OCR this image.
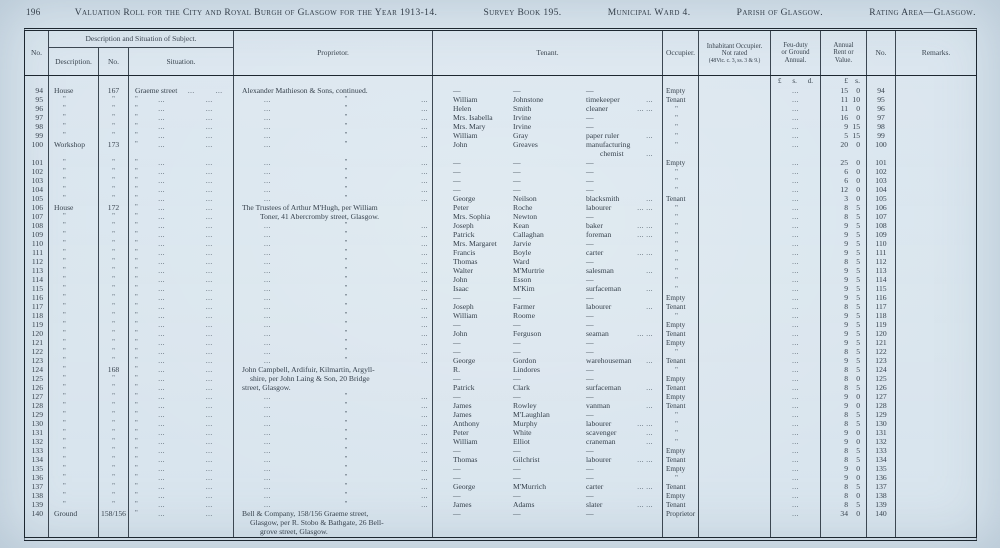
196	Valuation Roll for the City and Royal Burgh of Glasgow for the Year 1913-14.	Survey Book 195.	Municipal Ward 4.	Parish of Glasgow.	Rating Area—Glasgow.
No.
Description and Situation of Subject.
Description. No.	Situation.
Proprietor.	Tenant.	Occupier.
Inhabitant Occupier.
Not rated
(48Vic. c. 3, ss. 3 & 9.)
Feu-duty
or Ground
Annual.
Annual
Rent or
Value.
No.	Remarks.
£ s. d.	£ s.
94	House	167	Graeme street	...	...	Alexander Mathieson & Sons, continued.	—	—	—	Empty	...	15	0	94
95	"	"	"	...	...	...	"	...	William	Johnstone	timekeeper	...	Tenant	...	11 10	95
96	"	"	"	...	...	...	"	...	Helen	Smith	cleaner	... ...	"	...	11	0	96
97	"	"	"	...	...	...	"	...	Mrs. Isabella	Irvine	—	"	...	16	0	97
98	"	"	"	...	...	...	"	...	Mrs. Mary	Irvine	—	"	...	9 15	98
99	"	"	"	...	...	...	"	...	William	Gray	paper ruler	...	"	...	5 15	99
100	Workshop	173	"	...	...	...	"	...	John	Greaves	manufacturing	"	...	20	0	100
chemist	...
101	"	"	"	...	...	...	"	...	—	—	—	Empty	...	25	0	101
102	"	"	"	...	...	...	"	...	—	—	—	"	...	6	0	102
103	"	"	"	...	...	...	"	...	—	—	—	"	...	6	0	103
104	"	"	"	...	...	...	"	...	—	—	—	"	...	12	0	104
105	"	"	"	...	...	...	"	...	George	Neilson	blacksmith	...	Tenant	...	3	0	105
106	House	172	"	...	...	The Trustees of Arthur M'Hugh, per William	Peter	Roche	labourer	... ...	"	...	8	5	106
107	"	"	"	...	...	Toner, 41 Abercromby street, Glasgow.	Mrs. Sophia	Newton	—	"	...	8	5	107
108	"	"	"	...	...	...	"	...	Joseph	Kean	baker	... ...	"	...	9	5	108
109	"	"	"	...	...	...	"	...	Patrick	Callaghan	foreman	... ...	"	...	9	5	109
110	"	"	"	...	...	...	"	...	Mrs. Margaret	Jarvie	—	"	...	9	5	110
111	"	"	"	...	...	...	"	...	Francis	Boyle	carter	... ...	"	...	9	5	111
112	"	"	"	...	...	...	"	...	Thomas	Ward	—	"	...	8	5	112
113	"	"	"	...	...	...	"	...	Walter	M'Murtrie	salesman	...	"	...	9	5	113
114	"	"	"	...	...	...	"	...	John	Esson	—	"	...	9	5	114
115	"	"	"	...	...	...	"	...	Isaac	M'Kim	surfaceman	...	"	...	9	5	115
116	"	"	"	...	...	...	"	...	—	—	—	Empty	...	9	5	116
117	"	"	"	...	...	...	"	...	Joseph	Farmer	labourer	...	Tenant	...	8	5	117
118	"	"	"	...	...	...	"	...	William	Roome	—	"	...	9	5	118
119	"	"	"	...	...	...	"	...	—	—	—	Empty	...	9	5	119
120	"	"	"	...	...	...	"	...	John	Ferguson	seaman	... ...	Tenant	...	9	5	120
121	"	"	"	...	...	...	"	...	—	—	—	Empty	...	9	5	121
122	"	"	"	...	...	...	"	...	—	—	—	"	...	8	5	122
123	"	"	"	...	...	...	"	...	George	Gordon	warehouseman	...	Tenant	...	9	5	123
124	"	168	"	...	...	John Campbell, Ardifuir, Kilmartin, Argyll-	R.	Lindores	—	"	...	8	5	124
125	"	"	"	...	...	shire, per John Laing & Son, 20 Bridge	—	—	—	Empty	...	8	0	125
126	"	"	"	...	...	street, Glasgow.	Patrick	Clark	surfaceman	...	Tenant	...	8	5	126
127	"	"	"	...	...	...	"	...	—	—	—	Empty	...	9	0	127
128	"	"	"	...	...	...	"	...	James	Rowley	vanman	...	Tenant	...	9	0	128
129	"	"	"	...	...	...	"	...	James	M'Laughlan	—	"	...	8	5	129
130	"	"	"	...	...	...	"	...	Anthony	Murphy	labourer	... ...	"	...	8	5	130
131	"	"	"	...	...	...	"	...	Peter	White	scavenger	...	"	...	9	0	131
132	"	"	"	...	...	...	"	...	William	Elliot	craneman	...	"	...	9	0	132
133	"	"	"	...	...	...	"	...	—	—	—	Empty	...	8	5	133
134	"	"	"	...	...	...	"	...	Thomas	Gilchrist	labourer	... ...	Tenant	...	8	5	134
135	"	"	"	...	...	...	"	...	—	—	—	Empty	...	9	0	135
136	"	"	"	...	...	...	"	...	—	—	—	"	...	9	0	136
137	"	"	"	...	...	...	"	...	George	M'Murrich	carter	... ...	Tenant	...	8	5	137
138	"	"	"	...	...	...	"	...	—	—	—	Empty	...	8	0	138
139	"	"	"	...	...	...	"	...	James	Adams	slater	... ...	Tenant	...	8	5	139
140	Ground	158/156	"	...	...	Bell & Company, 158/156 Graeme street,	—	—	—	Proprietor	...	34	0	140
Glasgow, per R. Stobo & Bathgate, 26 Bell-
grove street, Glasgow.
